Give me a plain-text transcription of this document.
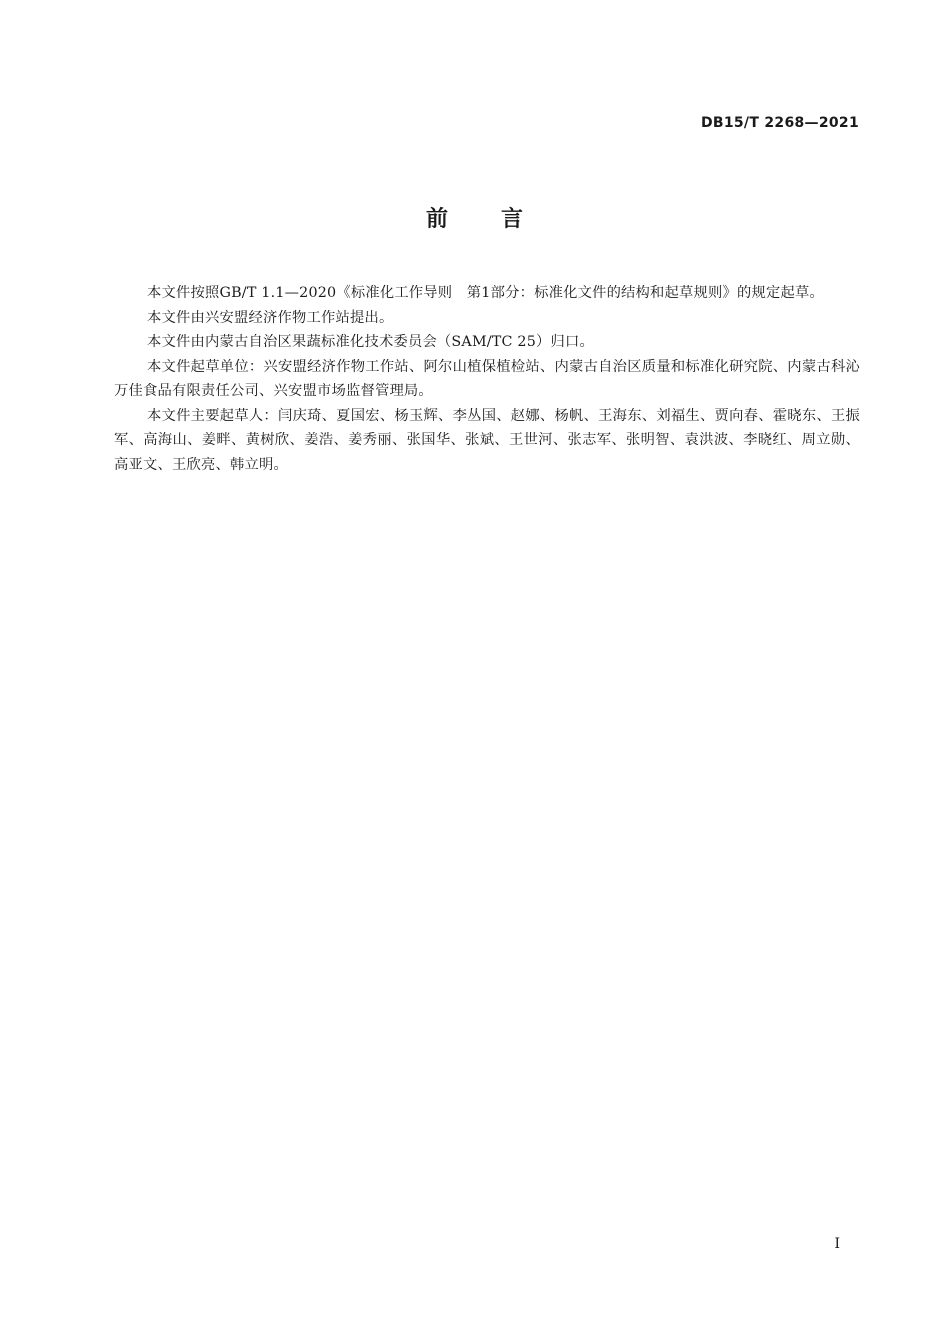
DB15/T 2268—2021
前 言

本文件按照GB/T 1.1—2020《标准化工作导则　第1部分：标准化文件的结构和起草规则》的规定起草。

本文件由兴安盟经济作物工作站提出。

本文件由内蒙古自治区果蔬标准化技术委员会（SAM/TC 25）归口。

本文件起草单位：兴安盟经济作物工作站、阿尔山植保植检站、内蒙古自治区质量和标准化研究院、内蒙古科沁万佳食品有限责任公司、兴安盟市场监督管理局。

本文件主要起草人：闫庆琦、夏国宏、杨玉辉、李丛国、赵娜、杨帆、王海东、刘福生、贾向春、霍晓东、王振军、高海山、姜畔、黄树欣、姜浩、姜秀丽、张国华、张斌、王世河、张志军、张明智、袁洪波、李晓红、周立勋、高亚文、王欣亮、韩立明。

I
